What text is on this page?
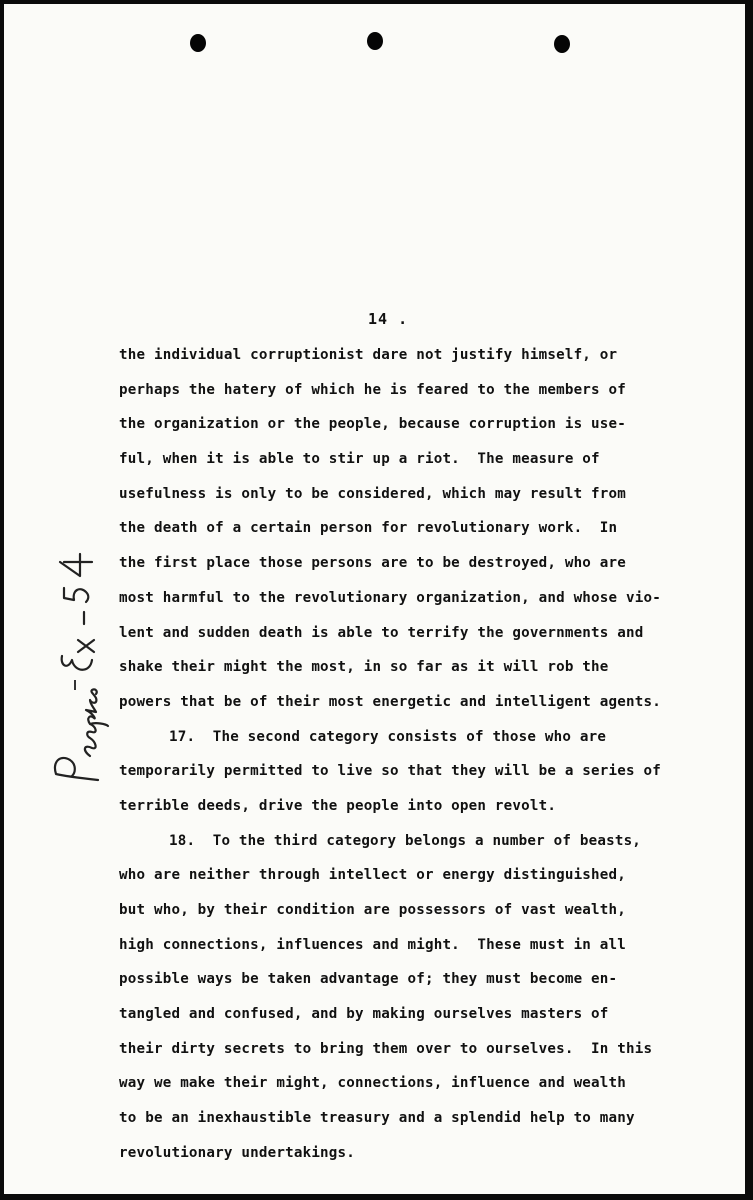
14 .
the individual corruptionist dare not justify himself, or
perhaps the hatery of which he is feared to the members of
the organization or the people, because corruption is use-
ful, when it is able to stir up a riot.  The measure of
usefulness is only to be considered, which may result from
the death of a certain person for revolutionary work.  In
the first place those persons are to be destroyed, who are
most harmful to the revolutionary organization, and whose vio-
lent and sudden death is able to terrify the governments and
shake their might the most, in so far as it will rob the
powers that be of their most energetic and intelligent agents.
17.  The second category consists of those who are
temporarily permitted to live so that they will be a series of
terrible deeds, drive the people into open revolt.
18.  To the third category belongs a number of beasts,
who are neither through intellect or energy distinguished,
but who, by their condition are possessors of vast wealth,
high connections, influences and might.  These must in all
possible ways be taken advantage of; they must become en-
tangled and confused, and by making ourselves masters of
their dirty secrets to bring them over to ourselves.  In this
way we make their might, connections, influence and wealth
to be an inexhaustible treasury and a splendid help to many
revolutionary undertakings.
